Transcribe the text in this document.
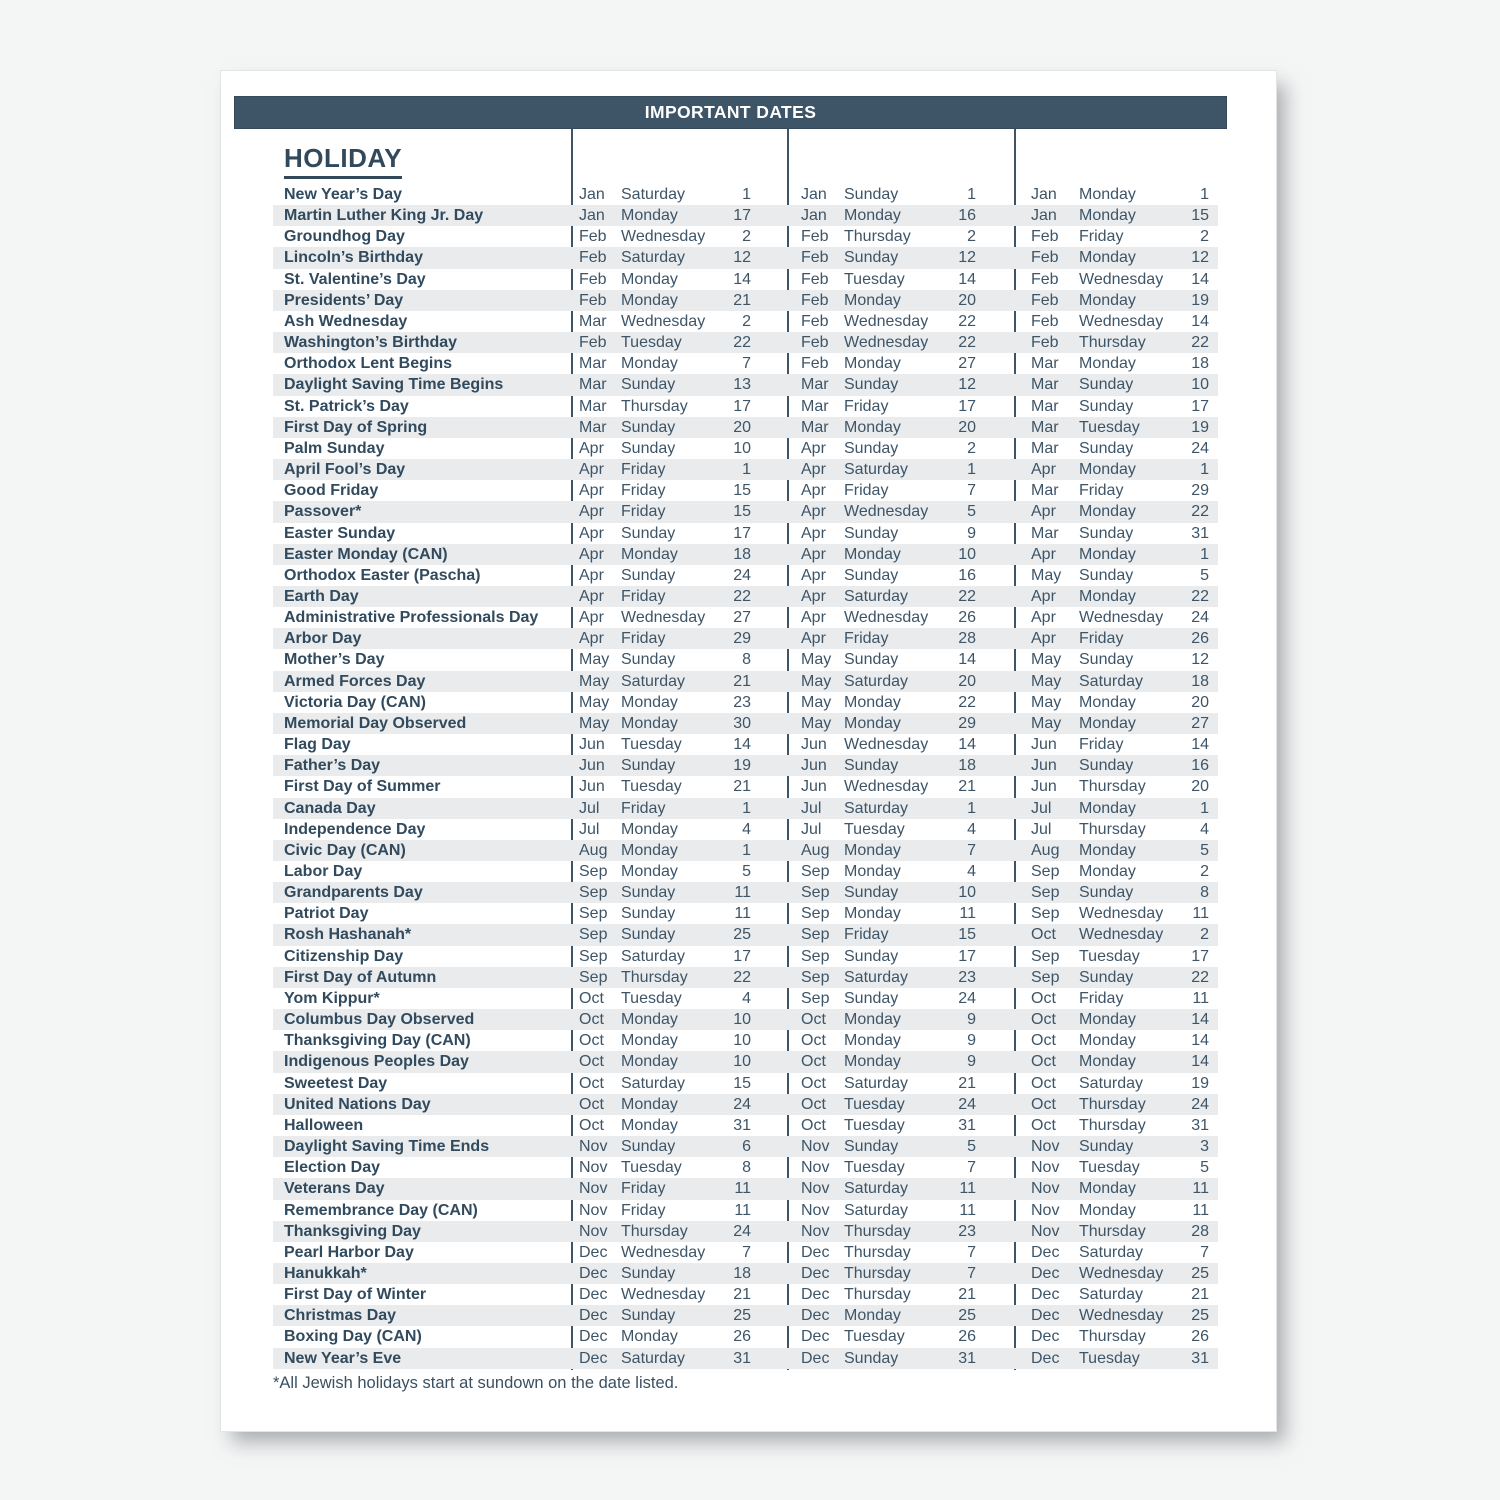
IMPORTANT DATES
HOLIDAY
New Year’s Day	Jan Saturday	1	Jan Sunday	1	Jan Monday	1
Martin Luther King Jr. Day	Jan Monday	17	Jan Monday	16	Jan Monday	15
Groundhog Day	Feb Wednesday	2	Feb Thursday	2	Feb Friday	2
Lincoln’s Birthday	Feb Saturday	12	Feb Sunday	12	Feb Monday	12
St. Valentine’s Day	Feb Monday	14	Feb Tuesday	14	Feb Wednesday	14
Presidents’ Day	Feb Monday	21	Feb Monday	20	Feb Monday	19
Ash Wednesday	Mar Wednesday	2	Feb Wednesday	22	Feb Wednesday	14
Washington’s Birthday	Feb Tuesday	22	Feb Wednesday	22	Feb Thursday	22
Orthodox Lent Begins	Mar Monday	7	Feb Monday	27	Mar Monday	18
Daylight Saving Time Begins	Mar Sunday	13	Mar Sunday	12	Mar Sunday	10
St. Patrick’s Day	Mar Thursday	17	Mar Friday	17	Mar Sunday	17
First Day of Spring	Mar Sunday	20	Mar Monday	20	Mar Tuesday	19
Palm Sunday	Apr Sunday	10	Apr Sunday	2	Mar Sunday	24
April Fool’s Day	Apr Friday	1	Apr Saturday	1	Apr Monday	1
Good Friday	Apr Friday	15	Apr Friday	7	Mar Friday	29
Passover*	Apr Friday	15	Apr Wednesday	5	Apr Monday	22
Easter Sunday	Apr Sunday	17	Apr Sunday	9	Mar Sunday	31
Easter Monday (CAN)	Apr Monday	18	Apr Monday	10	Apr Monday	1
Orthodox Easter (Pascha)	Apr Sunday	24	Apr Sunday	16	May Sunday	5
Earth Day	Apr Friday	22	Apr Saturday	22	Apr Monday	22
Administrative Professionals Day	Apr Wednesday	27	Apr Wednesday	26	Apr Wednesday	24
Arbor Day	Apr Friday	29	Apr Friday	28	Apr Friday	26
Mother’s Day	May Sunday	8	May Sunday	14	May Sunday	12
Armed Forces Day	May Saturday	21	May Saturday	20	May Saturday	18
Victoria Day (CAN)	May Monday	23	May Monday	22	May Monday	20
Memorial Day Observed	May Monday	30	May Monday	29	May Monday	27
Flag Day	Jun Tuesday	14	Jun Wednesday	14	Jun Friday	14
Father’s Day	Jun Sunday	19	Jun Sunday	18	Jun Sunday	16
First Day of Summer	Jun Tuesday	21	Jun Wednesday	21	Jun Thursday	20
Canada Day	Jul Friday	1	Jul Saturday	1	Jul Monday	1
Independence Day	Jul Monday	4	Jul Tuesday	4	Jul Thursday	4
Civic Day (CAN)	Aug Monday	1	Aug Monday	7	Aug Monday	5
Labor Day	Sep Monday	5	Sep Monday	4	Sep Monday	2
Grandparents Day	Sep Sunday	11	Sep Sunday	10	Sep Sunday	8
Patriot Day	Sep Sunday	11	Sep Monday	11	Sep Wednesday	11
Rosh Hashanah*	Sep Sunday	25	Sep Friday	15	Oct Wednesday	2
Citizenship Day	Sep Saturday	17	Sep Sunday	17	Sep Tuesday	17
First Day of Autumn	Sep Thursday	22	Sep Saturday	23	Sep Sunday	22
Yom Kippur*	Oct Tuesday	4	Sep Sunday	24	Oct Friday	11
Columbus Day Observed	Oct Monday	10	Oct Monday	9	Oct Monday	14
Thanksgiving Day (CAN)	Oct Monday	10	Oct Monday	9	Oct Monday	14
Indigenous Peoples Day	Oct Monday	10	Oct Monday	9	Oct Monday	14
Sweetest Day	Oct Saturday	15	Oct Saturday	21	Oct Saturday	19
United Nations Day	Oct Monday	24	Oct Tuesday	24	Oct Thursday	24
Halloween	Oct Monday	31	Oct Tuesday	31	Oct Thursday	31
Daylight Saving Time Ends	Nov Sunday	6	Nov Sunday	5	Nov Sunday	3
Election Day	Nov Tuesday	8	Nov Tuesday	7	Nov Tuesday	5
Veterans Day	Nov Friday	11	Nov Saturday	11	Nov Monday	11
Remembrance Day (CAN)	Nov Friday	11	Nov Saturday	11	Nov Monday	11
Thanksgiving Day	Nov Thursday	24	Nov Thursday	23	Nov Thursday	28
Pearl Harbor Day	Dec Wednesday	7	Dec Thursday	7	Dec Saturday	7
Hanukkah*	Dec Sunday	18	Dec Thursday	7	Dec Wednesday	25
First Day of Winter	Dec Wednesday	21	Dec Thursday	21	Dec Saturday	21
Christmas Day	Dec Sunday	25	Dec Monday	25	Dec Wednesday	25
Boxing Day (CAN)	Dec Monday	26	Dec Tuesday	26	Dec Thursday	26
New Year’s Eve	Dec Saturday	31	Dec Sunday	31	Dec Tuesday	31
*All Jewish holidays start at sundown on the date listed.
